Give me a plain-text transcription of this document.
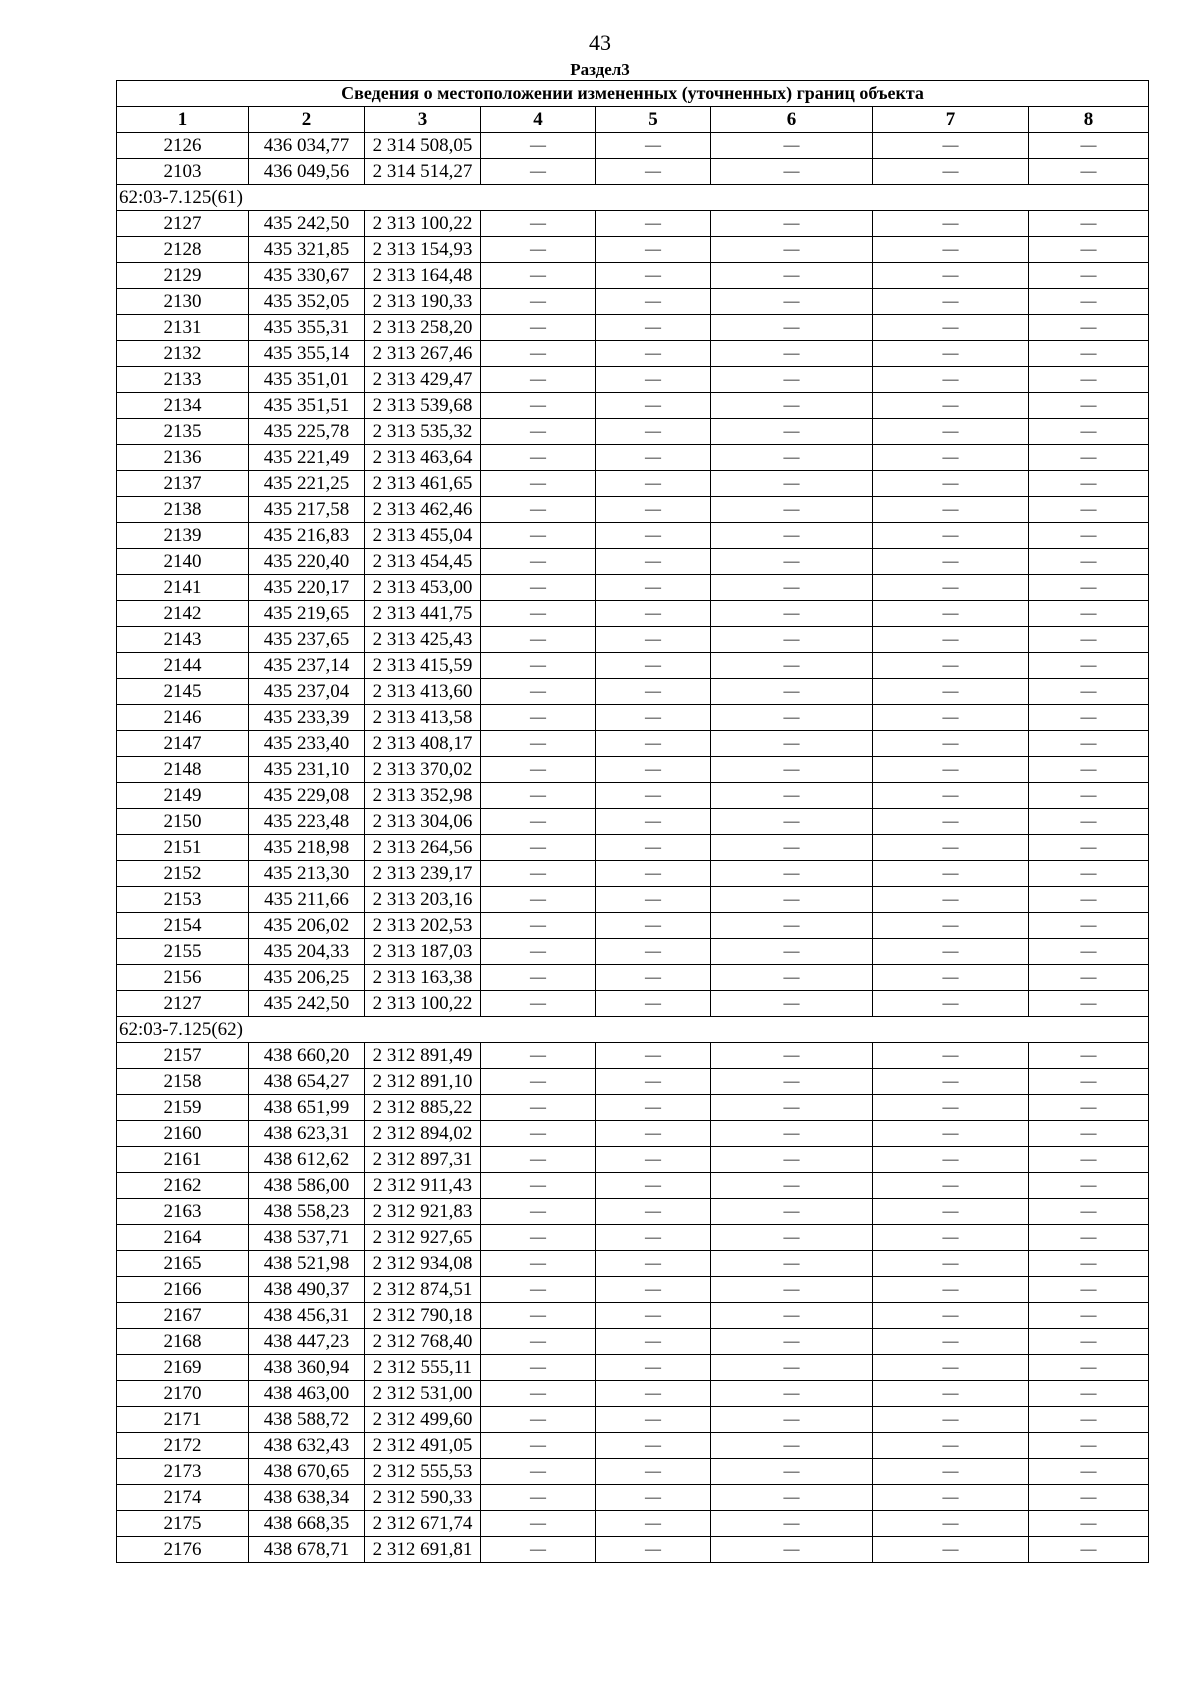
43
Раздел3
Сведения о местоположении измененных (уточненных) границ объекта							
1	2	3	4	5	6	7	8
2126	436 034,77	2 314 508,05	—	—	—	—	—
2103	436 049,56	2 314 514,27	—	—	—	—	—
62:03-7.125(61)							
2127	435 242,50	2 313 100,22	—	—	—	—	—
2128	435 321,85	2 313 154,93	—	—	—	—	—
2129	435 330,67	2 313 164,48	—	—	—	—	—
2130	435 352,05	2 313 190,33	—	—	—	—	—
2131	435 355,31	2 313 258,20	—	—	—	—	—
2132	435 355,14	2 313 267,46	—	—	—	—	—
2133	435 351,01	2 313 429,47	—	—	—	—	—
2134	435 351,51	2 313 539,68	—	—	—	—	—
2135	435 225,78	2 313 535,32	—	—	—	—	—
2136	435 221,49	2 313 463,64	—	—	—	—	—
2137	435 221,25	2 313 461,65	—	—	—	—	—
2138	435 217,58	2 313 462,46	—	—	—	—	—
2139	435 216,83	2 313 455,04	—	—	—	—	—
2140	435 220,40	2 313 454,45	—	—	—	—	—
2141	435 220,17	2 313 453,00	—	—	—	—	—
2142	435 219,65	2 313 441,75	—	—	—	—	—
2143	435 237,65	2 313 425,43	—	—	—	—	—
2144	435 237,14	2 313 415,59	—	—	—	—	—
2145	435 237,04	2 313 413,60	—	—	—	—	—
2146	435 233,39	2 313 413,58	—	—	—	—	—
2147	435 233,40	2 313 408,17	—	—	—	—	—
2148	435 231,10	2 313 370,02	—	—	—	—	—
2149	435 229,08	2 313 352,98	—	—	—	—	—
2150	435 223,48	2 313 304,06	—	—	—	—	—
2151	435 218,98	2 313 264,56	—	—	—	—	—
2152	435 213,30	2 313 239,17	—	—	—	—	—
2153	435 211,66	2 313 203,16	—	—	—	—	—
2154	435 206,02	2 313 202,53	—	—	—	—	—
2155	435 204,33	2 313 187,03	—	—	—	—	—
2156	435 206,25	2 313 163,38	—	—	—	—	—
2127	435 242,50	2 313 100,22	—	—	—	—	—
62:03-7.125(62)							
2157	438 660,20	2 312 891,49	—	—	—	—	—
2158	438 654,27	2 312 891,10	—	—	—	—	—
2159	438 651,99	2 312 885,22	—	—	—	—	—
2160	438 623,31	2 312 894,02	—	—	—	—	—
2161	438 612,62	2 312 897,31	—	—	—	—	—
2162	438 586,00	2 312 911,43	—	—	—	—	—
2163	438 558,23	2 312 921,83	—	—	—	—	—
2164	438 537,71	2 312 927,65	—	—	—	—	—
2165	438 521,98	2 312 934,08	—	—	—	—	—
2166	438 490,37	2 312 874,51	—	—	—	—	—
2167	438 456,31	2 312 790,18	—	—	—	—	—
2168	438 447,23	2 312 768,40	—	—	—	—	—
2169	438 360,94	2 312 555,11	—	—	—	—	—
2170	438 463,00	2 312 531,00	—	—	—	—	—
2171	438 588,72	2 312 499,60	—	—	—	—	—
2172	438 632,43	2 312 491,05	—	—	—	—	—
2173	438 670,65	2 312 555,53	—	—	—	—	—
2174	438 638,34	2 312 590,33	—	—	—	—	—
2175	438 668,35	2 312 671,74	—	—	—	—	—
2176	438 678,71	2 312 691,81	—	—	—	—	—
